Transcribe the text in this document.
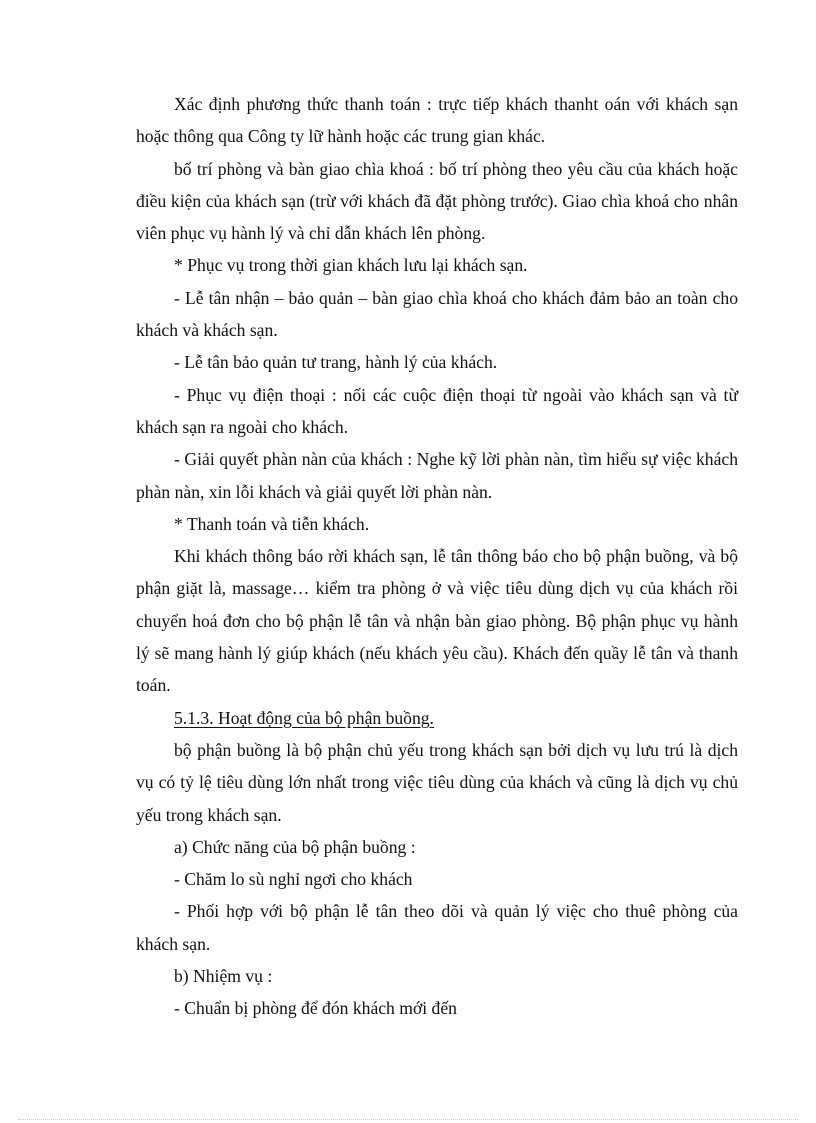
Xác định phương thức thanh toán : trực tiếp khách thanht oán với khách sạn hoặc thông qua Công ty lữ hành hoặc các trung gian khác.

bố trí phòng và bàn giao chìa khoá : bố trí phòng theo yêu cầu của khách hoặc điều kiện của khách sạn (trừ với khách đã đặt phòng trước). Giao chìa khoá cho nhân viên phục vụ hành lý và chỉ dẫn khách lên phòng.

* Phục vụ trong thời gian khách lưu lại khách sạn.

- Lễ tân nhận – bảo quản – bàn giao chìa khoá cho khách đảm bảo an toàn cho khách và khách sạn.

- Lễ tân bảo quản tư trang, hành lý của khách.

- Phục vụ điện thoại : nối các cuộc điện thoại từ ngoài vào khách sạn và từ khách sạn ra ngoài cho khách.

- Giải quyết phàn nàn của khách : Nghe kỹ lời phàn nàn, tìm hiểu sự việc khách phàn nàn, xin lỗi khách và giải quyết lời phàn nàn.

* Thanh toán và tiễn khách.

Khi khách thông báo rời khách sạn, lễ tân thông báo cho bộ phận buồng, và bộ phận giặt là, massage… kiểm tra phòng ở và việc tiêu dùng dịch vụ của khách rồi chuyển hoá đơn cho bộ phận lễ tân và nhận bàn giao phòng. Bộ phận phục vụ hành lý sẽ mang hành lý giúp khách (nếu khách yêu cầu). Khách đến quầy lễ tân và thanh toán.

5.1.3. Hoạt động của bộ phận buồng.

bộ phận buồng là bộ phận chủ yếu trong khách sạn bởi dịch vụ lưu trú là dịch vụ có tỷ lệ tiêu dùng lớn nhất trong việc tiêu dùng của khách và cũng là dịch vụ chủ yếu trong khách sạn.

a) Chức năng của bộ phận buồng :

- Chăm lo sù nghỉ ngơi cho khách

- Phối hợp với bộ phận lễ tân theo dõi và quản lý việc cho thuê phòng của khách sạn.

b) Nhiệm vụ :

- Chuẩn bị phòng để đón khách mới đến
